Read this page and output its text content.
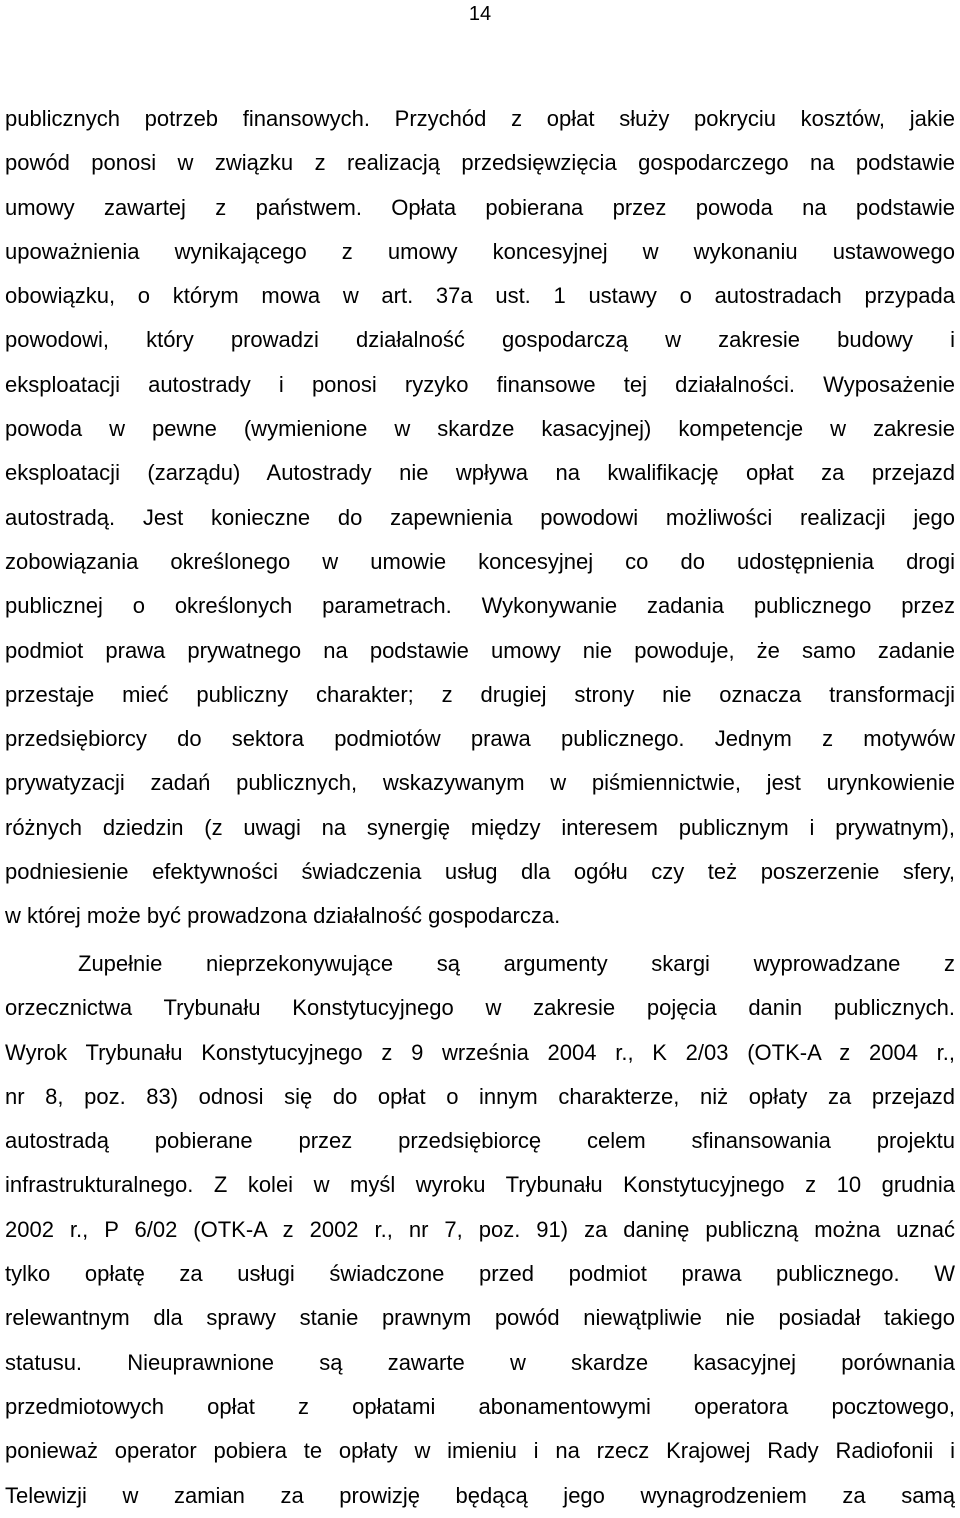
14
publicznych potrzeb finansowych. Przychód z opłat służy pokryciu kosztów, jakie
powód ponosi w związku z realizacją przedsięwzięcia gospodarczego na podstawie
umowy zawartej z państwem. Opłata pobierana przez powoda na podstawie
upoważnienia wynikającego z umowy koncesyjnej w wykonaniu ustawowego
obowiązku, o którym mowa w art. 37a ust. 1 ustawy o autostradach przypada
powodowi, który prowadzi działalność gospodarczą w zakresie budowy i
eksploatacji autostrady i ponosi ryzyko finansowe tej działalności. Wyposażenie
powoda w pewne (wymienione w skardze kasacyjnej) kompetencje w zakresie
eksploatacji (zarządu) Autostrady nie wpływa na kwalifikację opłat za przejazd
autostradą. Jest konieczne do zapewnienia powodowi możliwości realizacji jego
zobowiązania określonego w umowie koncesyjnej co do udostępnienia drogi
publicznej o określonych parametrach. Wykonywanie zadania publicznego przez
podmiot prawa prywatnego na podstawie umowy nie powoduje, że samo zadanie
przestaje mieć publiczny charakter; z drugiej strony nie oznacza transformacji
przedsiębiorcy do sektora podmiotów prawa publicznego. Jednym z motywów
prywatyzacji zadań publicznych, wskazywanym w piśmiennictwie, jest urynkowienie
różnych dziedzin (z uwagi na synergię między interesem publicznym i prywatnym),
podniesienie efektywności świadczenia usług dla ogółu czy też poszerzenie sfery,
w której może być prowadzona działalność gospodarcza.
Zupełnie nieprzekonywujące są argumenty skargi wyprowadzane z
orzecznictwa Trybunału Konstytucyjnego w zakresie pojęcia danin publicznych.
Wyrok Trybunału Konstytucyjnego z 9 września 2004 r., K 2/03 (OTK-A z 2004 r.,
nr 8, poz. 83) odnosi się do opłat o innym charakterze, niż opłaty za przejazd
autostradą pobierane przez przedsiębiorcę celem sfinansowania projektu
infrastrukturalnego. Z kolei w myśl wyroku Trybunału Konstytucyjnego z 10 grudnia
2002 r., P 6/02 (OTK-A z 2002 r., nr 7, poz. 91) za daninę publiczną można uznać
tylko opłatę za usługi świadczone przed podmiot prawa publicznego. W
relewantnym dla sprawy stanie prawnym powód niewątpliwie nie posiadał takiego
statusu. Nieuprawnione są zawarte w skardze kasacyjnej porównania
przedmiotowych opłat z opłatami abonamentowymi operatora pocztowego,
ponieważ operator pobiera te opłaty w imieniu i na rzecz Krajowej Rady Radiofonii i
Telewizji w zamian za prowizję będącą jego wynagrodzeniem za samą
